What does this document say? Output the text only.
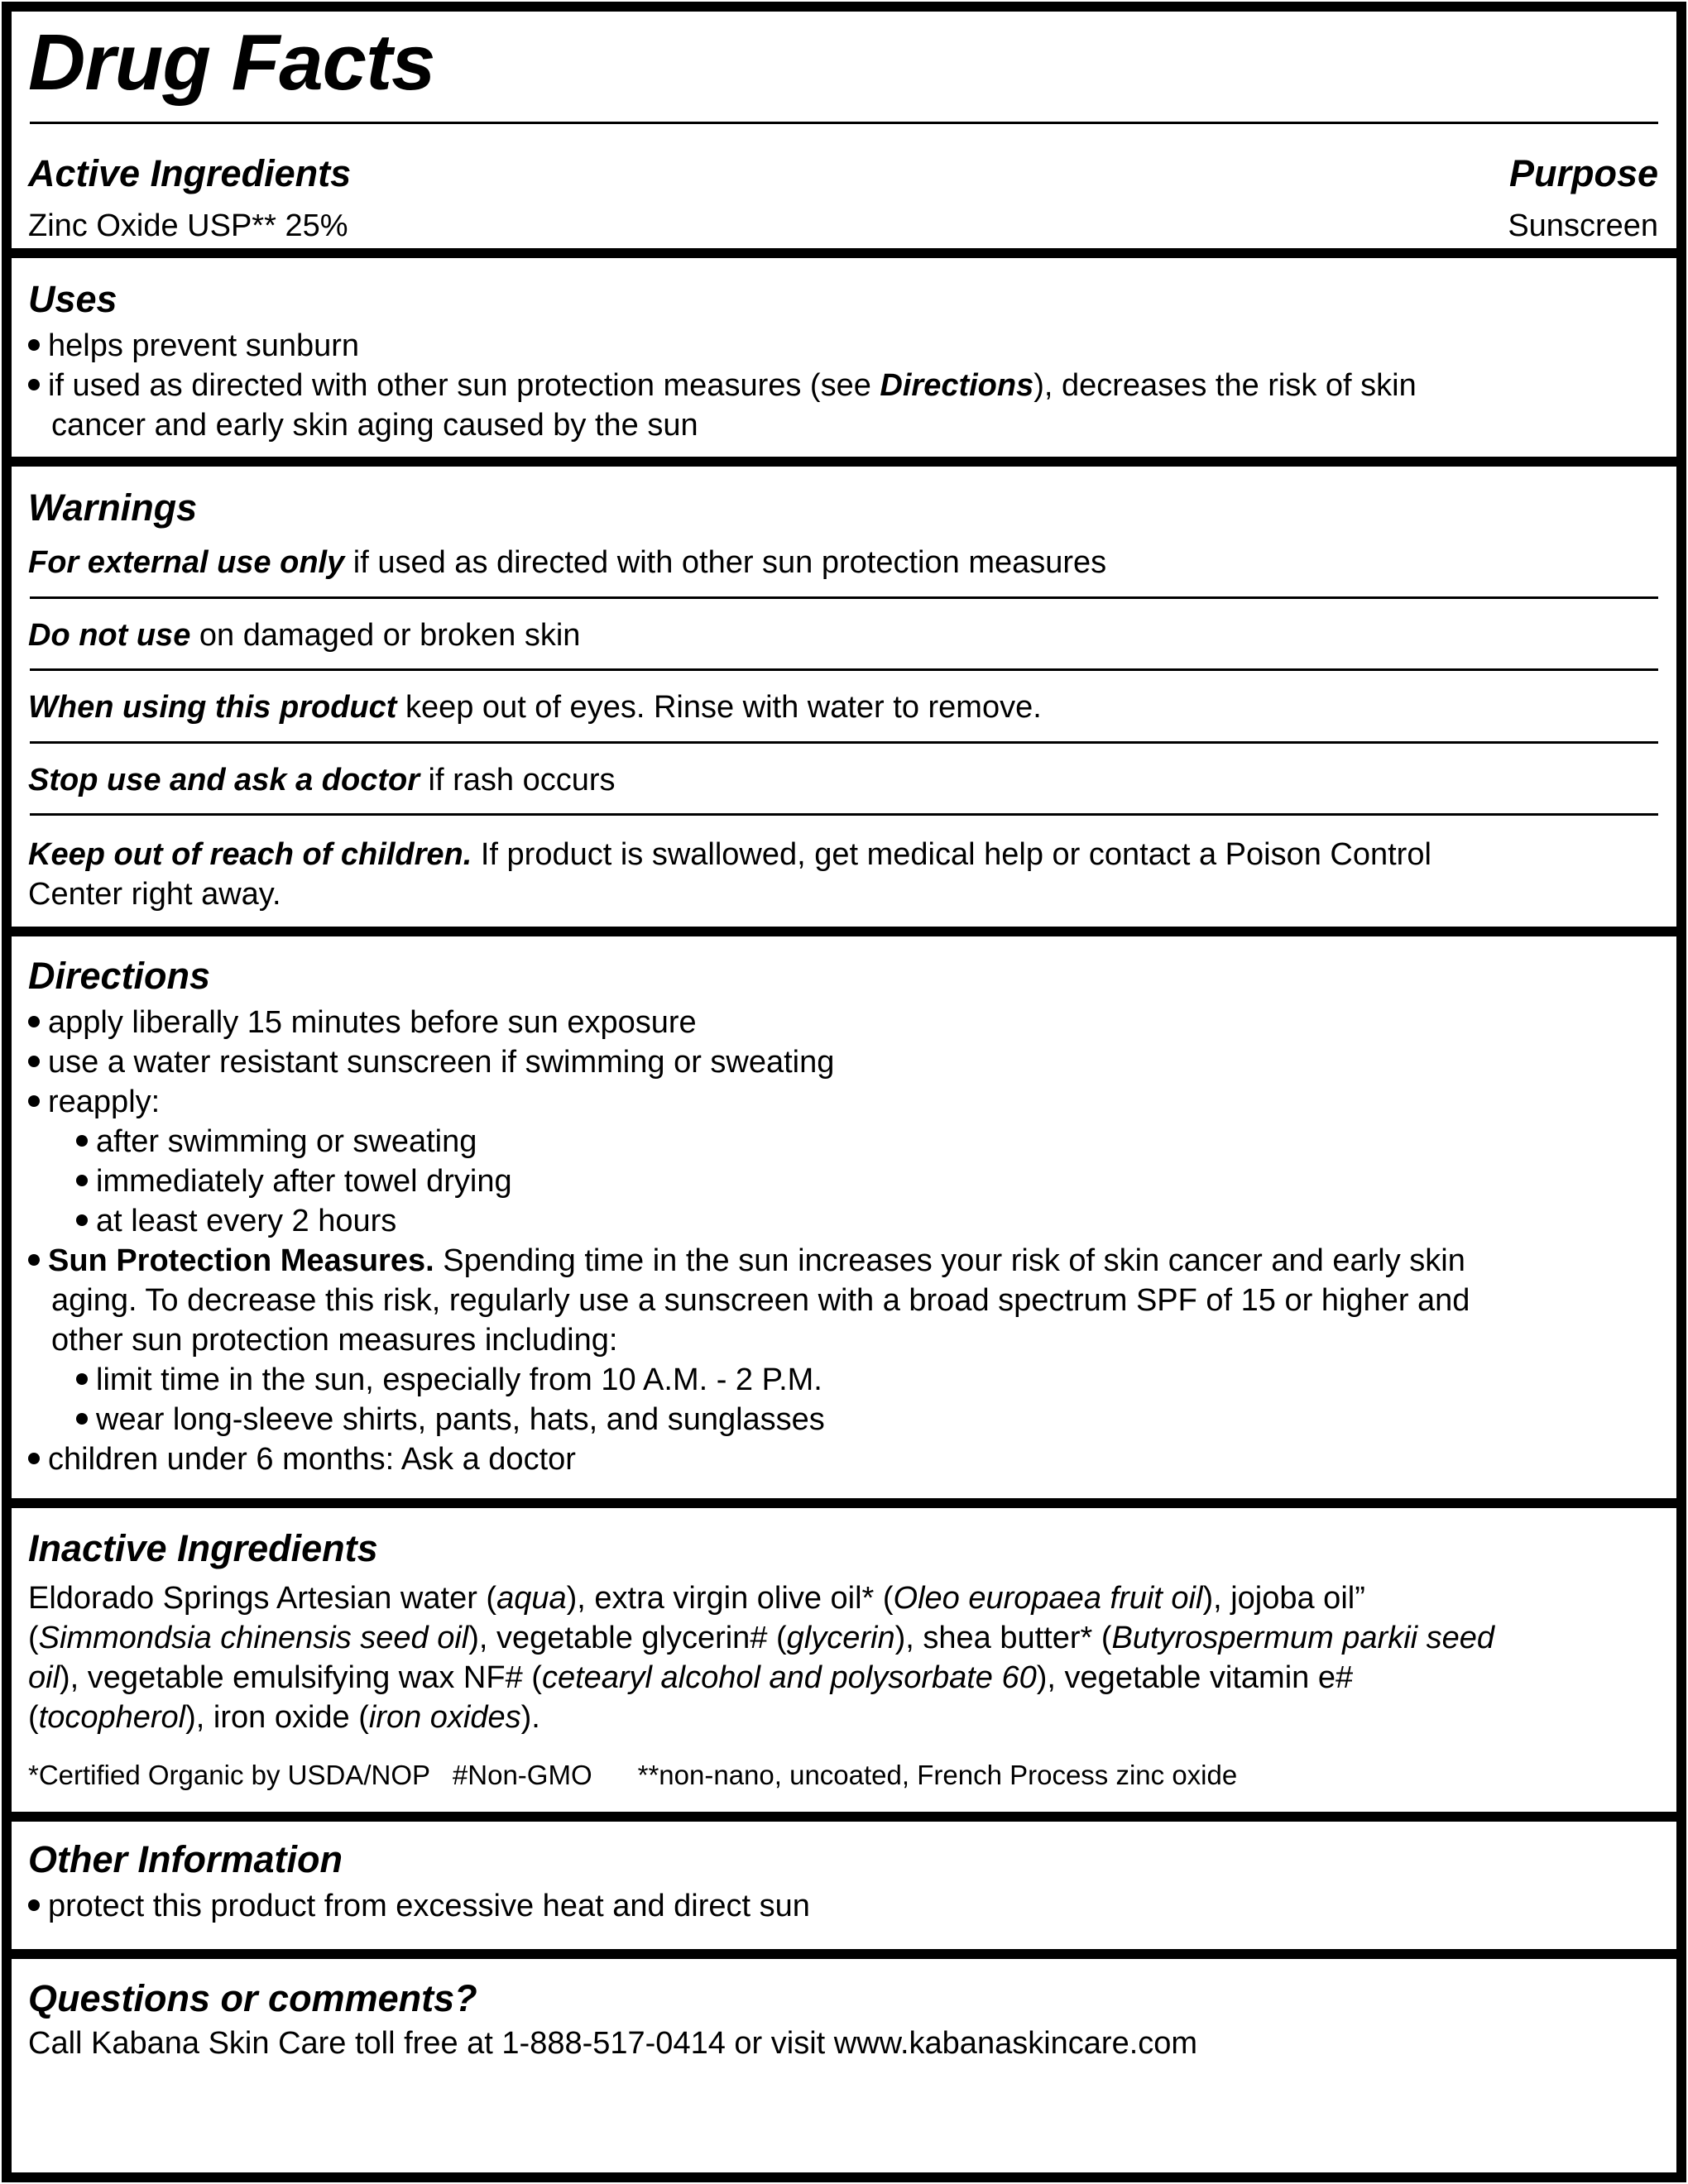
Drug Facts
Active Ingredients	Purpose
Zinc Oxide USP** 25%	Sunscreen
Uses
helps prevent sunburn
if used as directed with other sun protection measures (see Directions), decreases the risk of skin
cancer and early skin aging caused by the sun
Warnings
For external use only if used as directed with other sun protection measures
Do not use on damaged or broken skin
When using this product keep out of eyes. Rinse with water to remove.
Stop use and ask a doctor if rash occurs
Keep out of reach of children. If product is swallowed, get medical help or contact a Poison Control
Center right away.
Directions
apply liberally 15 minutes before sun exposure
use a water resistant sunscreen if swimming or sweating
reapply:
after swimming or sweating
immediately after towel drying
at least every 2 hours
Sun Protection Measures. Spending time in the sun increases your risk of skin cancer and early skin
aging. To decrease this risk, regularly use a sunscreen with a broad spectrum SPF of 15 or higher and
other sun protection measures including:
limit time in the sun, especially from 10 A.M. - 2 P.M.
wear long-sleeve shirts, pants, hats, and sunglasses
children under 6 months: Ask a doctor
Inactive Ingredients
Eldorado Springs Artesian water (aqua), extra virgin olive oil* (Oleo europaea fruit oil), jojoba oil”
(Simmondsia chinensis seed oil), vegetable glycerin# (glycerin), shea butter* (Butyrospermum parkii seed
oil), vegetable emulsifying wax NF# (cetearyl alcohol and polysorbate 60), vegetable vitamin e#
(tocopherol), iron oxide (iron oxides).
*Certified Organic by USDA/NOP   #Non-GMO      **non-nano, uncoated, French Process zinc oxide
Other Information
protect this product from excessive heat and direct sun
Questions or comments?
Call Kabana Skin Care toll free at 1-888-517-0414 or visit www.kabanaskincare.com
